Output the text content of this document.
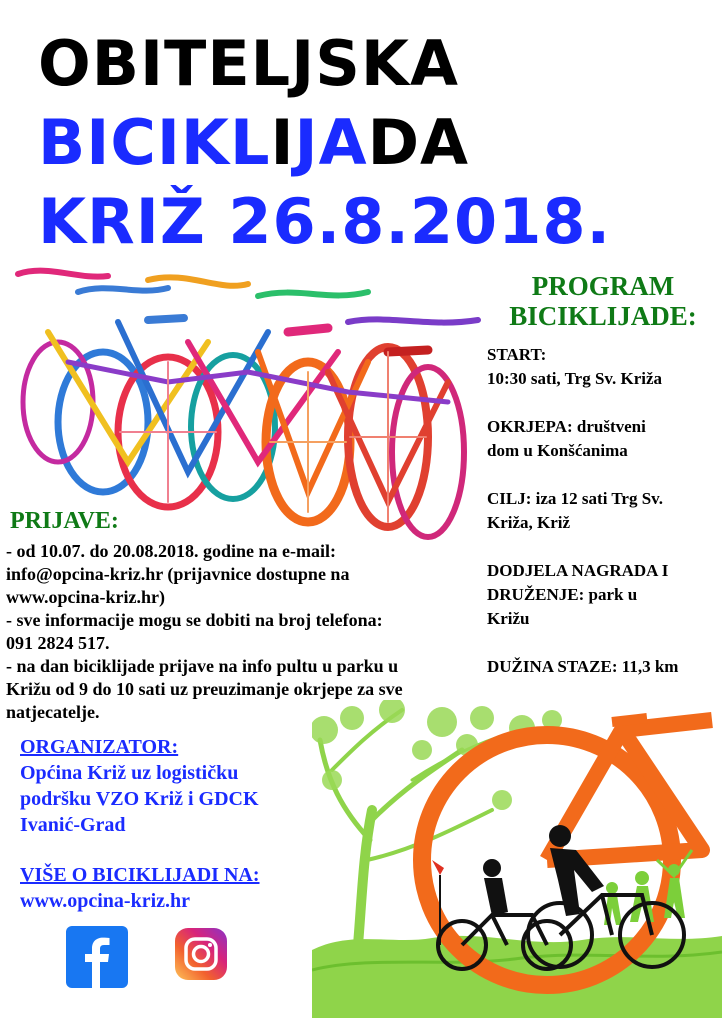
OBITELJSKA
BICIKLIJADA
KRIŽ 26.8.2018.
PROGRAM
BICIKLIJADE:
START:
10:30 sati, Trg Sv. Križa
OKRJEPA: društveni
dom u Konšćanima
CILJ: iza 12 sati Trg Sv.
Križa, Križ
DODJELA NAGRADA I
DRUŽENJE: park u
Križu
DUŽINA STAZE: 11,3 km
PRIJAVE:
- od 10.07. do 20.08.2018. godine na e-mail:
info@opcina-kriz.hr (prijavnice dostupne na
www.opcina-kriz.hr)
- sve informacije mogu se dobiti na broj telefona:
091 2824 517.
- na dan biciklijade prijave na info pultu u parku u
Križu od 9 do 10 sati uz preuzimanje okrjepe za sve
natjecatelje.
ORGANIZATOR:
Općina Križ uz logističku
podršku VZO Križ i GDCK
Ivanić-Grad
VIŠE O BICIKLIJADI NA:
www.opcina-kriz.hr
